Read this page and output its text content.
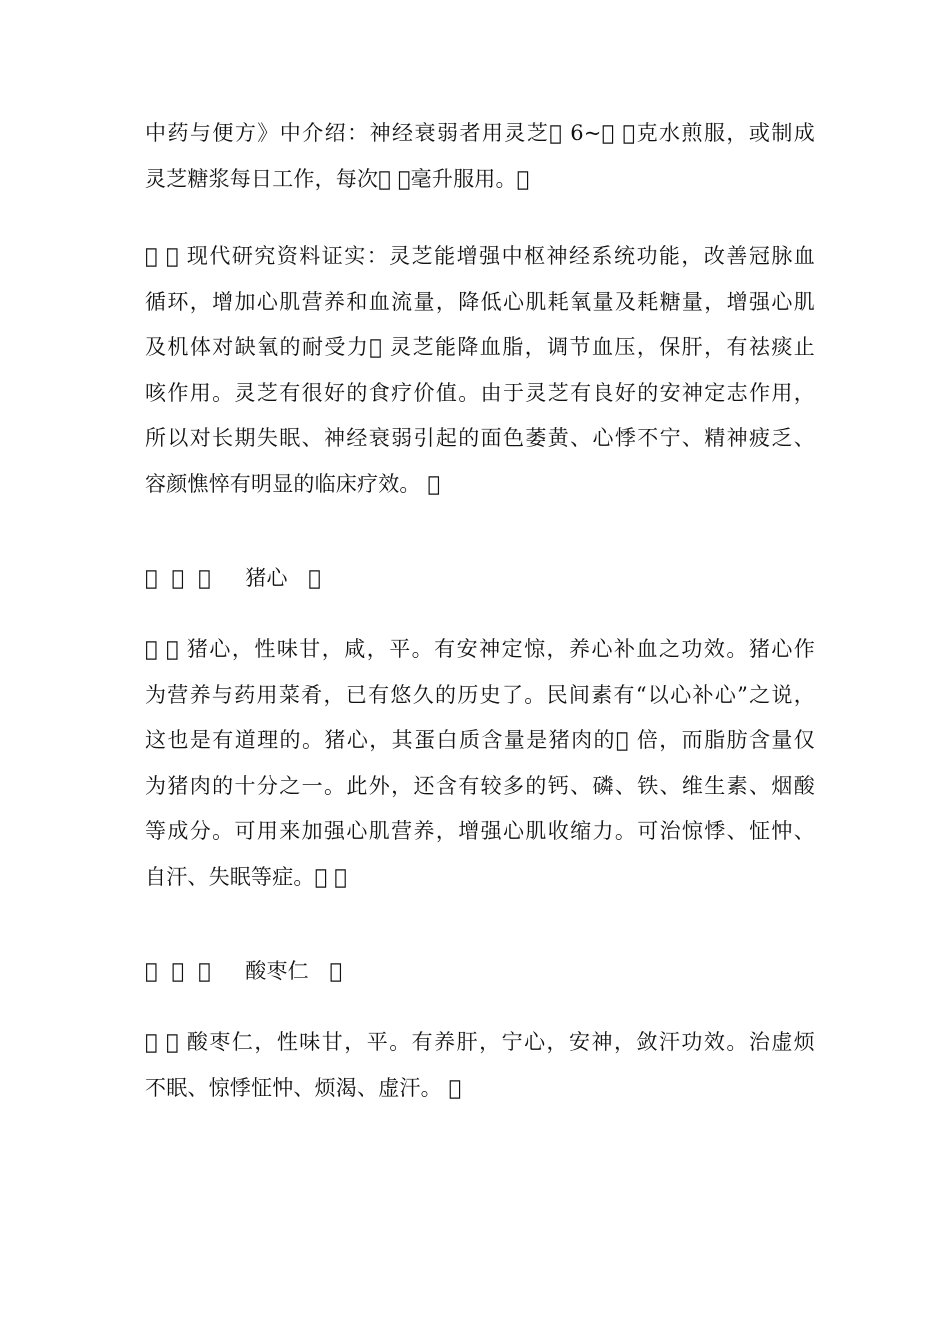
中药与便方》中介绍：神经衰弱者用灵芝  6~   克水煎服，或制成
灵芝糖浆每日工作，每次   毫升服用。 
    现代研究资料证实：灵芝能增强中枢神经系统功能，改善冠脉血
循环，增加心肌营养和血流量，降低心肌耗氧量及耗糖量，增强心肌
及机体对缺氧的耐受力  灵芝能降血脂，调节血压，保肝，有祛痰止
咳作用。灵芝有很好的食疗价值。由于灵芝有良好的安神定志作用，
所以对长期失眠、神经衰弱引起的面色萎黄、心悸不宁、精神疲乏、
容颜憔悴有明显的临床疗效。  
            猪心    
    猪心，性味甘，咸，平。有安神定惊，养心补血之功效。猪心作
为营养与药用菜肴，已有悠久的历史了。民间素有“以心补心”之说，
这也是有道理的。猪心，其蛋白质含量是猪肉的  倍，而脂肪含量仅
为猪肉的十分之一。此外，还含有较多的钙、磷、铁、维生素、烟酸
等成分。可用来加强心肌营养，增强心肌收缩力。可治惊悸、怔忡、
自汗、失眠等症。   
            酸枣仁    
    酸枣仁，性味甘，平。有养肝，宁心，安神，敛汗功效。治虚烦
不眠、惊悸怔忡、烦渴、虚汗。  
